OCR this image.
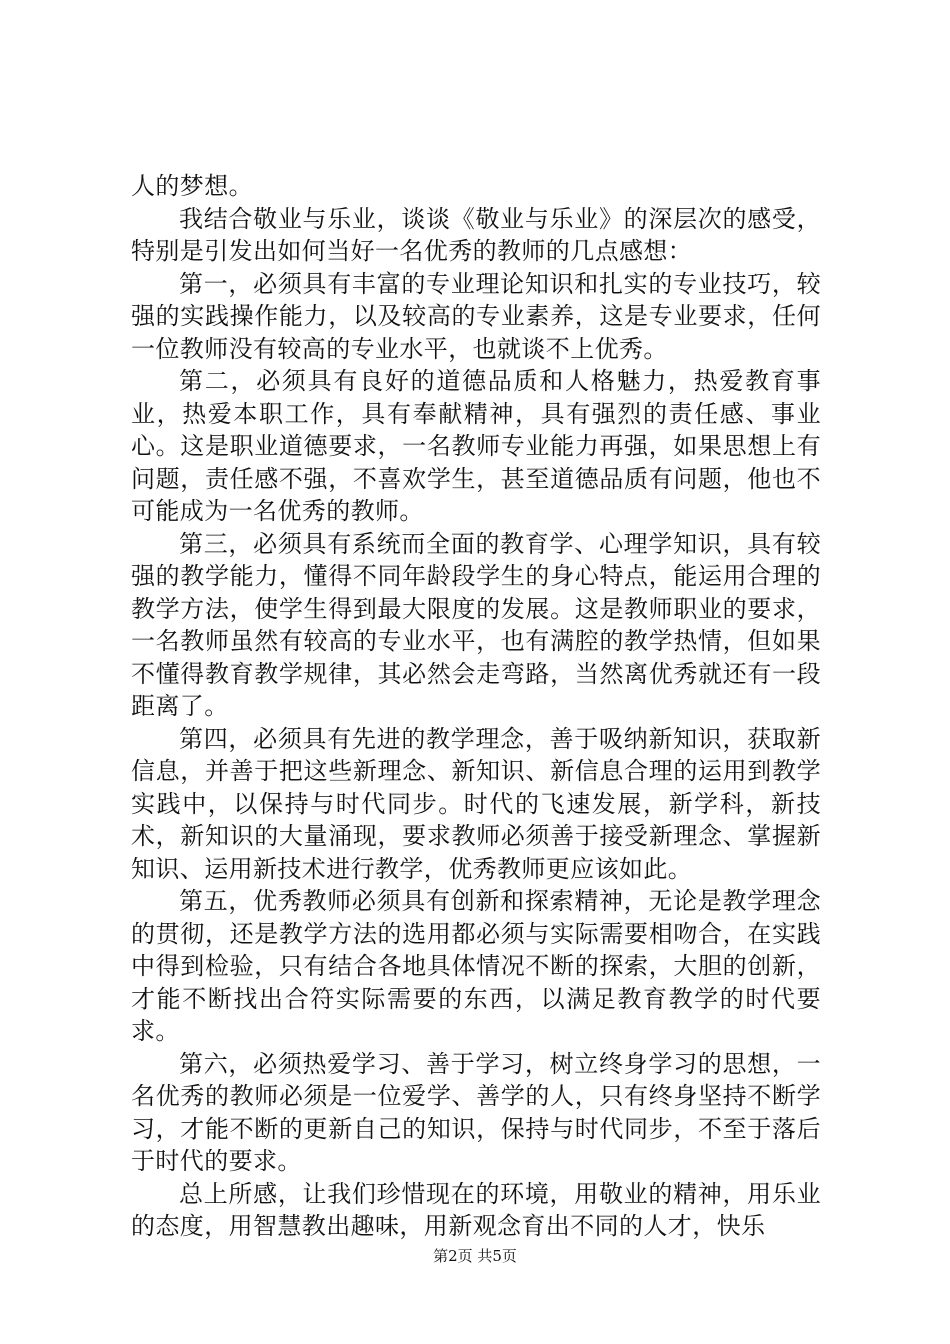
人的梦想。

我结合敬业与乐业，谈谈《敬业与乐业》的深层次的感受，特别是引发出如何当好一名优秀的教师的几点感想：

第一，必须具有丰富的专业理论知识和扎实的专业技巧，较强的实践操作能力，以及较高的专业素养，这是专业要求，任何一位教师没有较高的专业水平，也就谈不上优秀。

第二，必须具有良好的道德品质和人格魅力，热爱教育事业，热爱本职工作，具有奉献精神，具有强烈的责任感、事业心。这是职业道德要求，一名教师专业能力再强，如果思想上有问题，责任感不强，不喜欢学生，甚至道德品质有问题，他也不可能成为一名优秀的教师。

第三，必须具有系统而全面的教育学、心理学知识，具有较强的教学能力，懂得不同年龄段学生的身心特点，能运用合理的教学方法，使学生得到最大限度的发展。这是教师职业的要求，一名教师虽然有较高的专业水平，也有满腔的教学热情，但如果不懂得教育教学规律，其必然会走弯路，当然离优秀就还有一段距离了。

第四，必须具有先进的教学理念，善于吸纳新知识，获取新信息，并善于把这些新理念、新知识、新信息合理的运用到教学实践中，以保持与时代同步。时代的飞速发展，新学科，新技术，新知识的大量涌现，要求教师必须善于接受新理念、掌握新知识、运用新技术进行教学，优秀教师更应该如此。

第五，优秀教师必须具有创新和探索精神，无论是教学理念的贯彻，还是教学方法的选用都必须与实际需要相吻合，在实践中得到检验，只有结合各地具体情况不断的探索，大胆的创新，才能不断找出合符实际需要的东西，以满足教育教学的时代要求。

第六，必须热爱学习、善于学习，树立终身学习的思想，一名优秀的教师必须是一位爱学、善学的人，只有终身坚持不断学习，才能不断的更新自己的知识，保持与时代同步，不至于落后于时代的要求。

总上所感，让我们珍惜现在的环境，用敬业的精神，用乐业的态度，用智慧教出趣味，用新观念育出不同的人才，快乐

第2页 共5页
